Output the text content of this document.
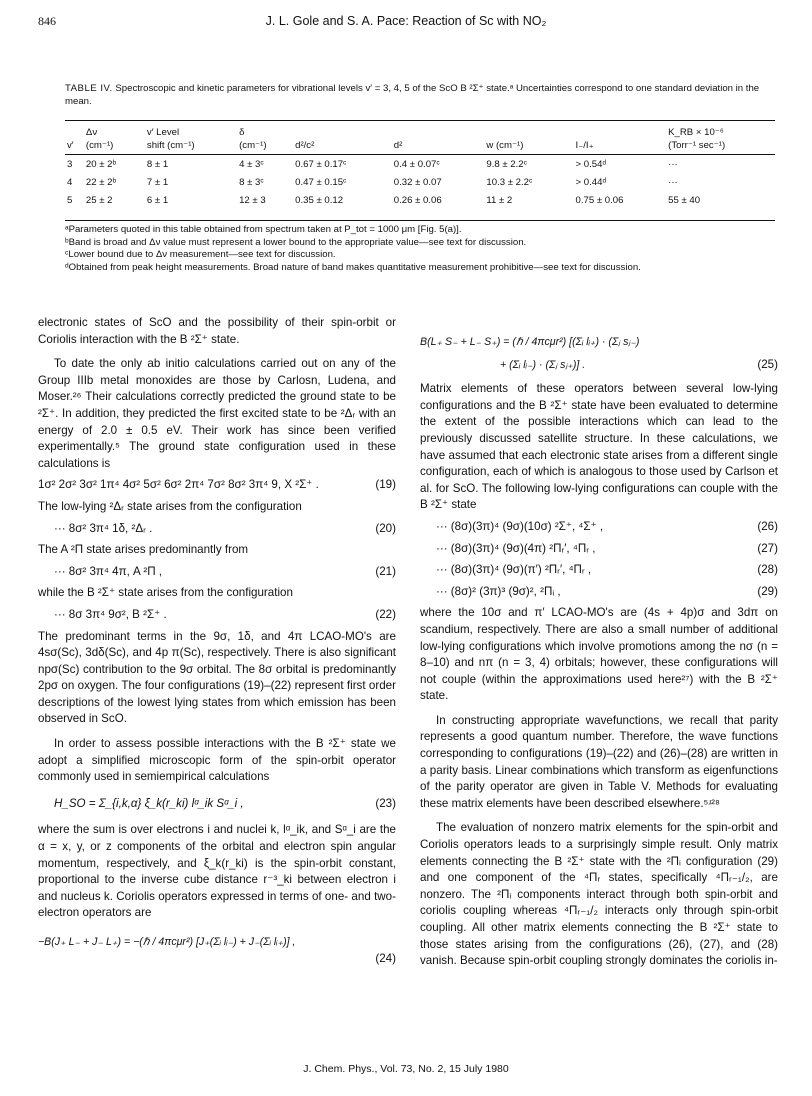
846	J. L. Gole and S. A. Pace: Reaction of Sc with NO₂
TABLE IV. Spectroscopic and kinetic parameters for vibrational levels v′ = 3, 4, 5 of the ScO B ²Σ⁺ state.ᵃ Uncertainties correspond to one standard deviation in the mean.
	Δν	v′ Level	δ					K_RB × 10⁻⁶
v′	(cm⁻¹)	shift (cm⁻¹)	(cm⁻¹)	d²/c²	d²	w (cm⁻¹)	I₋/I₊	(Torr⁻¹ sec⁻¹)
3	20 ± 2ᵇ	8 ± 1	4 ± 3ᶜ	0.67 ± 0.17ᶜ	0.4 ± 0.07ᶜ	9.8 ± 2.2ᶜ	> 0.54ᵈ	···
4	22 ± 2ᵇ	7 ± 1	8 ± 3ᶜ	0.47 ± 0.15ᶜ	0.32 ± 0.07	10.3 ± 2.2ᶜ	> 0.44ᵈ	···
5	25 ± 2	6 ± 1	12 ± 3	0.35 ± 0.12	0.26 ± 0.06	11 ± 2	0.75 ± 0.06	55 ± 40
ᵃParameters quoted in this table obtained from spectrum taken at P_tot = 1000 μm [Fig. 5(a)].
ᵇBand is broad and Δν value must represent a lower bound to the appropriate value—see text for discussion.
ᶜLower bound due to Δν measurement—see text for discussion.
ᵈObtained from peak height measurements. Broad nature of band makes quantitative measurement prohibitive—see text for discussion.

electronic states of ScO and the possibility of their spin-orbit or Coriolis interaction with the B ²Σ⁺ state.

To date the only ab initio calculations carried out on any of the Group IIIb metal monoxides are those by Carlosn, Ludena, and Moser.²⁶ Their calculations correctly predicted the ground state to be ²Σ⁺. In addition, they predicted the first excited state to be ²Δᵣ with an energy of 2.0 ± 0.5 eV. Their work has since been verified experimentally.⁵ The ground state configuration used in these calculations is

1σ² 2σ² 3σ² 1π⁴ 4σ² 5σ² 6σ² 2π⁴ 7σ² 8σ² 3π⁴ 9, X ²Σ⁺ .	(19)

The low-lying ²Δᵣ state arises from the configuration

··· 8σ² 3π⁴ 1δ, ²Δᵣ .	(20)

The A ²Π state arises predominantly from

··· 8σ² 3π⁴ 4π, A ²Π ,	(21)

while the B ²Σ⁺ state arises from the configuration

··· 8σ 3π⁴ 9σ², B ²Σ⁺ .	(22)

The predominant terms in the 9σ, 1δ, and 4π LCAO-MO's are 4sσ(Sc), 3dδ(Sc), and 4p π(Sc), respectively. There is also significant npσ(Sc) contribution to the 9σ orbital. The 8σ orbital is predominantly 2pσ on oxygen. The four configurations (19)–(22) represent first order descriptions of the lowest lying states from which emission has been observed in ScO.

In order to assess possible interactions with the B ²Σ⁺ state we adopt a simplified microscopic form of the spin-orbit operator commonly used in semiempirical calculations

H_SO = Σ_{i,k,α} ξ_k(r_ki) lᵅ_ik Sᵅ_i ,	(23)

where the sum is over electrons i and nuclei k, lᵅ_ik, and Sᵅ_i are the α = x, y, or z components of the orbital and electron spin angular momentum, respectively, and ξ_k(r_ki) is the spin-orbit constant, proportional to the inverse cube distance r⁻³_ki between electron i and nucleus k. Coriolis operators expressed in terms of one- and two-electron operators are

−B(J₊ L₋ + J₋ L₊) = −(ℏ / 4πcμr²) [J₊(Σᵢ lᵢ₋) + J₋(Σᵢ lᵢ₊)] ,
(24)
B(L₊ S₋ + L₋ S₊) = (ℏ / 4πcμr²) [(Σᵢ lᵢ₊) · (Σⱼ sⱼ₋)
+ (Σᵢ lᵢ₋) · (Σⱼ sⱼ₊)] .	(25)

Matrix elements of these operators between several low-lying configurations and the B ²Σ⁺ state have been evaluated to determine the extent of the possible interactions which can lead to the previously discussed satellite structure. In these calculations, we have assumed that each electronic state arises from a different single configuration, each of which is analogous to those used by Carlson et al. for ScO. The following low-lying configurations can couple with the B ²Σ⁺ state

··· (8σ)(3π)⁴ (9σ)(10σ) ²Σ⁺, ⁴Σ⁺ ,	(26)
··· (8σ)(3π)⁴ (9σ)(4π) ²Πᵣ′, ⁴Πᵣ ,	(27)
··· (8σ)(3π)⁴ (9σ)(π′) ²Πᵣ′, ⁴Πᵣ ,	(28)
··· (8σ)² (3π)³ (9σ)², ²Πᵢ ,	(29)

where the 10σ and π′ LCAO-MO's are (4s + 4p)σ and 3dπ on scandium, respectively. There are also a small number of additional low-lying configurations which involve promotions among the nσ (n = 8–10) and nπ (n = 3, 4) orbitals; however, these configurations will not couple (within the approximations used here²⁷) with the B ²Σ⁺ state.

In constructing appropriate wavefunctions, we recall that parity represents a good quantum number. Therefore, the wave functions corresponding to configurations (19)–(22) and (26)–(28) are written in a parity basis. Linear combinations which transform as eigenfunctions of the parity operator are given in Table V. Methods for evaluating these matrix elements have been described elsewhere.⁵ʴ²⁸

The evaluation of nonzero matrix elements for the spin-orbit and Coriolis operators leads to a surprisingly simple result. Only matrix elements connecting the B ²Σ⁺ state with the ²Πᵢ configuration (29) and one component of the ⁴Πᵣ states, specifically ⁴Πᵣ₋₁/₂, are nonzero. The ²Πᵢ components interact through both spin-orbit and coriolis coupling whereas ⁴Πᵣ₋₁/₂ interacts only through spin-orbit coupling. All other matrix elements connecting the B ²Σ⁺ state to those states arising from the configurations (26), (27), and (28) vanish. Because spin-orbit coupling strongly dominates the coriolis in-

J. Chem. Phys., Vol. 73, No. 2, 15 July 1980
